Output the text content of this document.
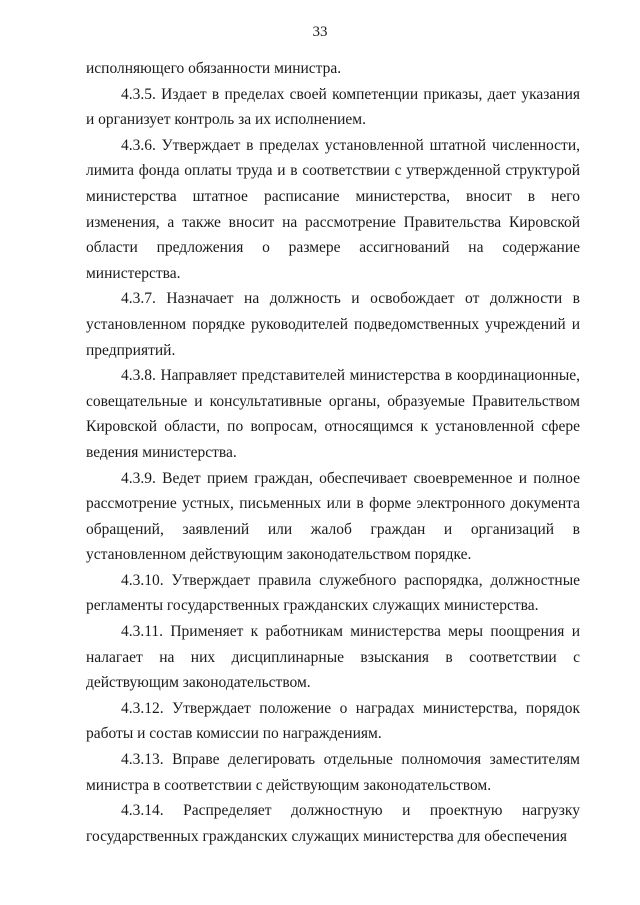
33

исполняющего обязанности министра.

4.3.5. Издает в пределах своей компетенции приказы, дает указания и организует контроль за их исполнением.

4.3.6. Утверждает в пределах установленной штатной численности, лимита фонда оплаты труда и в соответствии с утвержденной структурой министерства штатное расписание министерства, вносит в него изменения, а также вносит на рассмотрение Правительства Кировской области предложения о размере ассигнований на содержание министерства.

4.3.7. Назначает на должность и освобождает от должности в установленном порядке руководителей подведомственных учреждений и предприятий.

4.3.8. Направляет представителей министерства в координационные, совещательные и консультативные органы, образуемые Правительством Кировской области, по вопросам, относящимся к установленной сфере ведения министерства.

4.3.9. Ведет прием граждан, обеспечивает своевременное и полное рассмотрение устных, письменных или в форме электронного документа обращений, заявлений или жалоб граждан и организаций в установленном действующим законодательством порядке.

4.3.10. Утверждает правила служебного распорядка, должностные регламенты государственных гражданских служащих министерства.

4.3.11. Применяет к работникам министерства меры поощрения и налагает на них дисциплинарные взыскания в соответствии с действующим законодательством.

4.3.12. Утверждает положение о наградах министерства, порядок работы и состав комиссии по награждениям.

4.3.13. Вправе делегировать отдельные полномочия заместителям министра в соответствии с действующим законодательством.

4.3.14. Распределяет должностную и проектную нагрузку государственных гражданских служащих министерства для обеспечения
